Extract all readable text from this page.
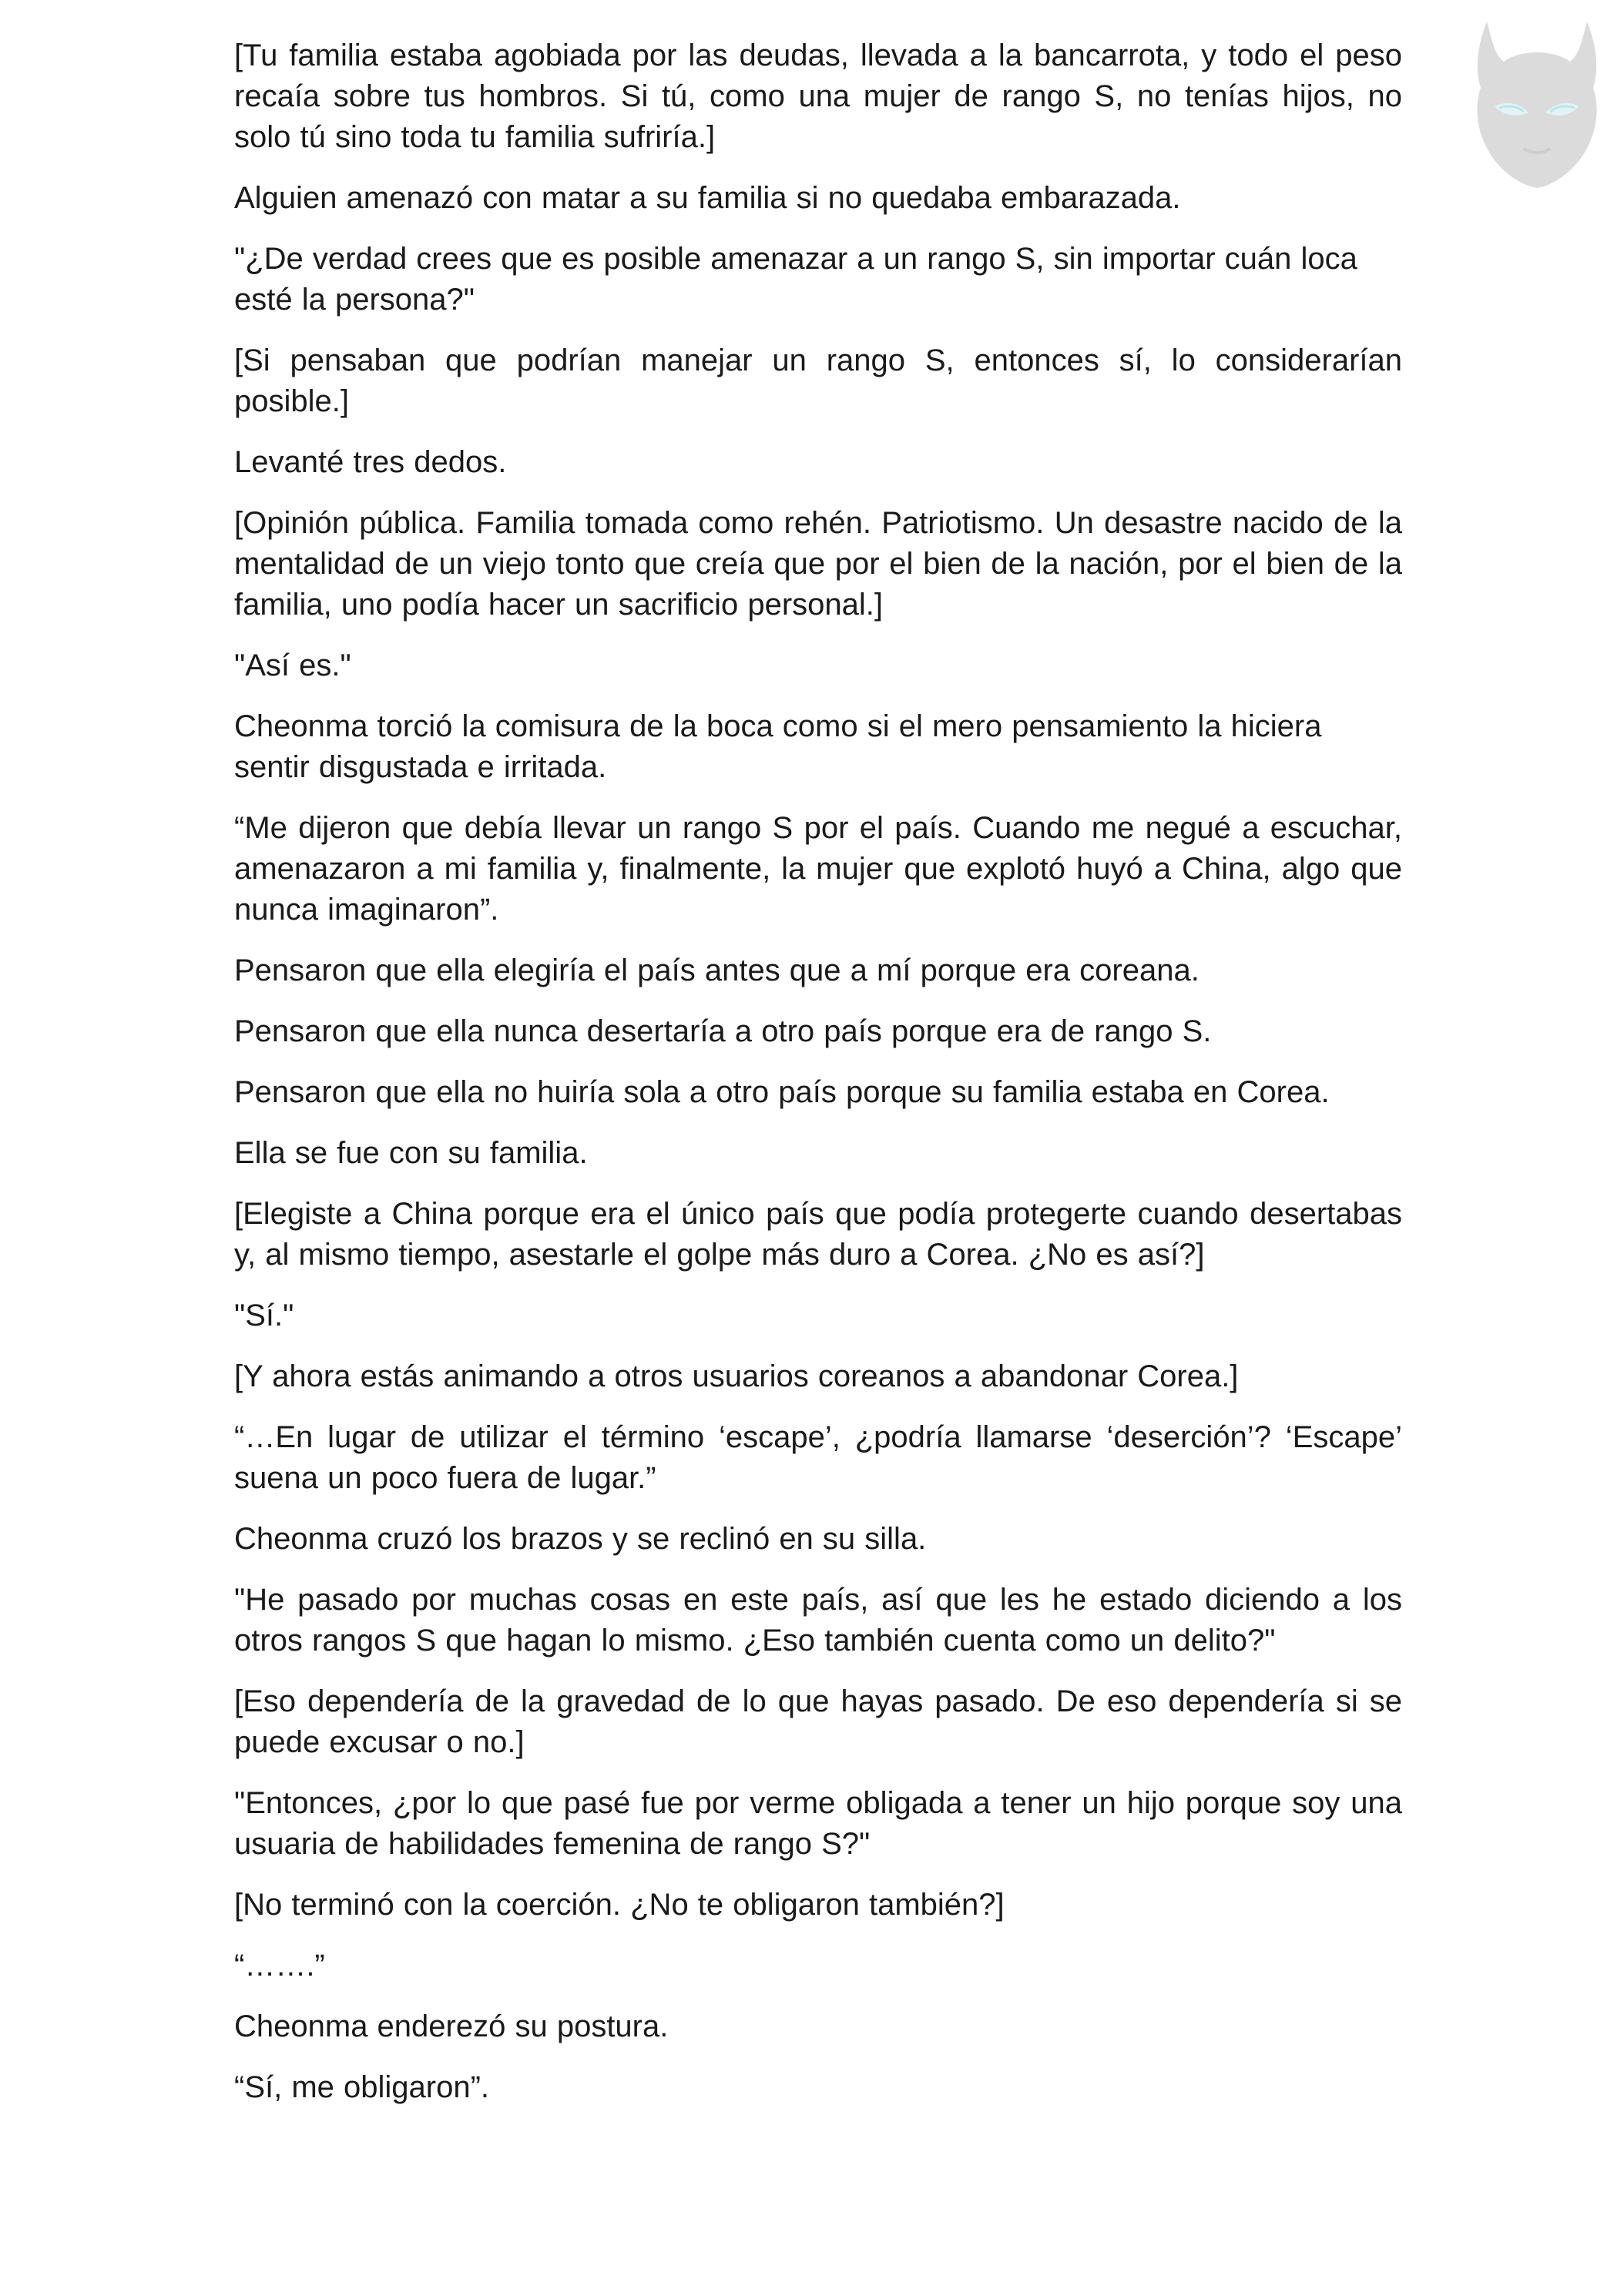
[Tu familia estaba agobiada por las deudas, llevada a la bancarrota, y todo el peso recaía sobre tus hombros. Si tú, como una mujer de rango S, no tenías hijos, no solo tú sino toda tu familia sufriría.]

Alguien amenazó con matar a su familia si no quedaba embarazada.

"¿De verdad crees que es posible amenazar a un rango S, sin importar cuán loca esté la persona?"

[Si pensaban que podrían manejar un rango S, entonces sí, lo considerarían posible.]

Levanté tres dedos.

[Opinión pública. Familia tomada como rehén. Patriotismo. Un desastre nacido de la mentalidad de un viejo tonto que creía que por el bien de la nación, por el bien de la familia, uno podía hacer un sacrificio personal.]

"Así es."

Cheonma torció la comisura de la boca como si el mero pensamiento la hiciera sentir disgustada e irritada.

“Me dijeron que debía llevar un rango S por el país. Cuando me negué a escuchar, amenazaron a mi familia y, finalmente, la mujer que explotó huyó a China, algo que nunca imaginaron”.

Pensaron que ella elegiría el país antes que a mí porque era coreana.

Pensaron que ella nunca desertaría a otro país porque era de rango S.

Pensaron que ella no huiría sola a otro país porque su familia estaba en Corea.

Ella se fue con su familia.

[Elegiste a China porque era el único país que podía protegerte cuando desertabas y, al mismo tiempo, asestarle el golpe más duro a Corea. ¿No es así?]

"Sí."

[Y ahora estás animando a otros usuarios coreanos a abandonar Corea.]

“…En lugar de utilizar el término ‘escape’, ¿podría llamarse ‘deserción’? ‘Escape’ suena un poco fuera de lugar.”

Cheonma cruzó los brazos y se reclinó en su silla.

"He pasado por muchas cosas en este país, así que les he estado diciendo a los otros rangos S que hagan lo mismo. ¿Eso también cuenta como un delito?"

[Eso dependería de la gravedad de lo que hayas pasado. De eso dependería si se puede excusar o no.]

"Entonces, ¿por lo que pasé fue por verme obligada a tener un hijo porque soy una usuaria de habilidades femenina de rango S?"

[No terminó con la coerción. ¿No te obligaron también?]

“…….”

Cheonma enderezó su postura.

“Sí, me obligaron”.
